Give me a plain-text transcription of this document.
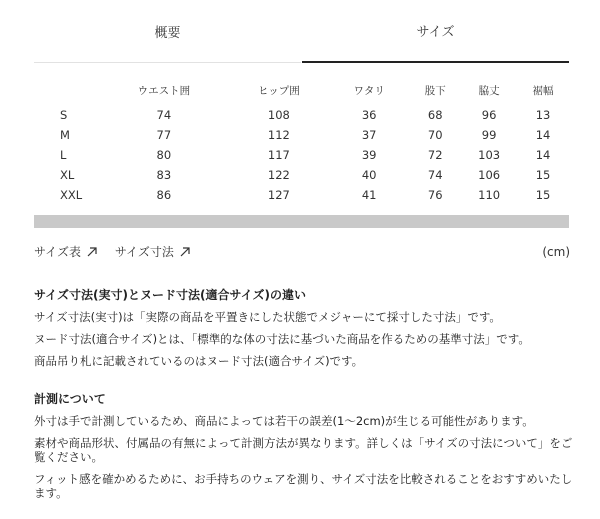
概要	サイズ
	ウエスト囲	ヒップ囲	ワタリ	股下	脇丈	裾幅
S	74	108	36	68	96	13
M	77	112	37	70	99	14
L	80	117	39	72	103	14
XL	83	122	40	74	106	15
XXL	86	127	41	76	110	15
サイズ表
	サイズ寸法	(cm)
サイズ寸法(実寸)とヌード寸法(適合サイズ)の違い

サイズ寸法(実寸)は「実際の商品を平置きにした状態でメジャーにて採寸した寸法」です。

ヌード寸法(適合サイズ)とは、「標準的な体の寸法に基づいた商品を作るための基準寸法」です。

商品吊り札に記載されているのはヌード寸法(適合サイズ)です。

計測について

外寸は手で計測しているため、商品によっては若干の誤差(1〜2cm)が生じる可能性があります。

素材や商品形状、付属品の有無によって計測方法が異なります。詳しくは「サイズの寸法について」をご覧ください。

フィット感を確かめるために、お手持ちのウェアを測り、サイズ寸法を比較されることをおすすめいたします。
